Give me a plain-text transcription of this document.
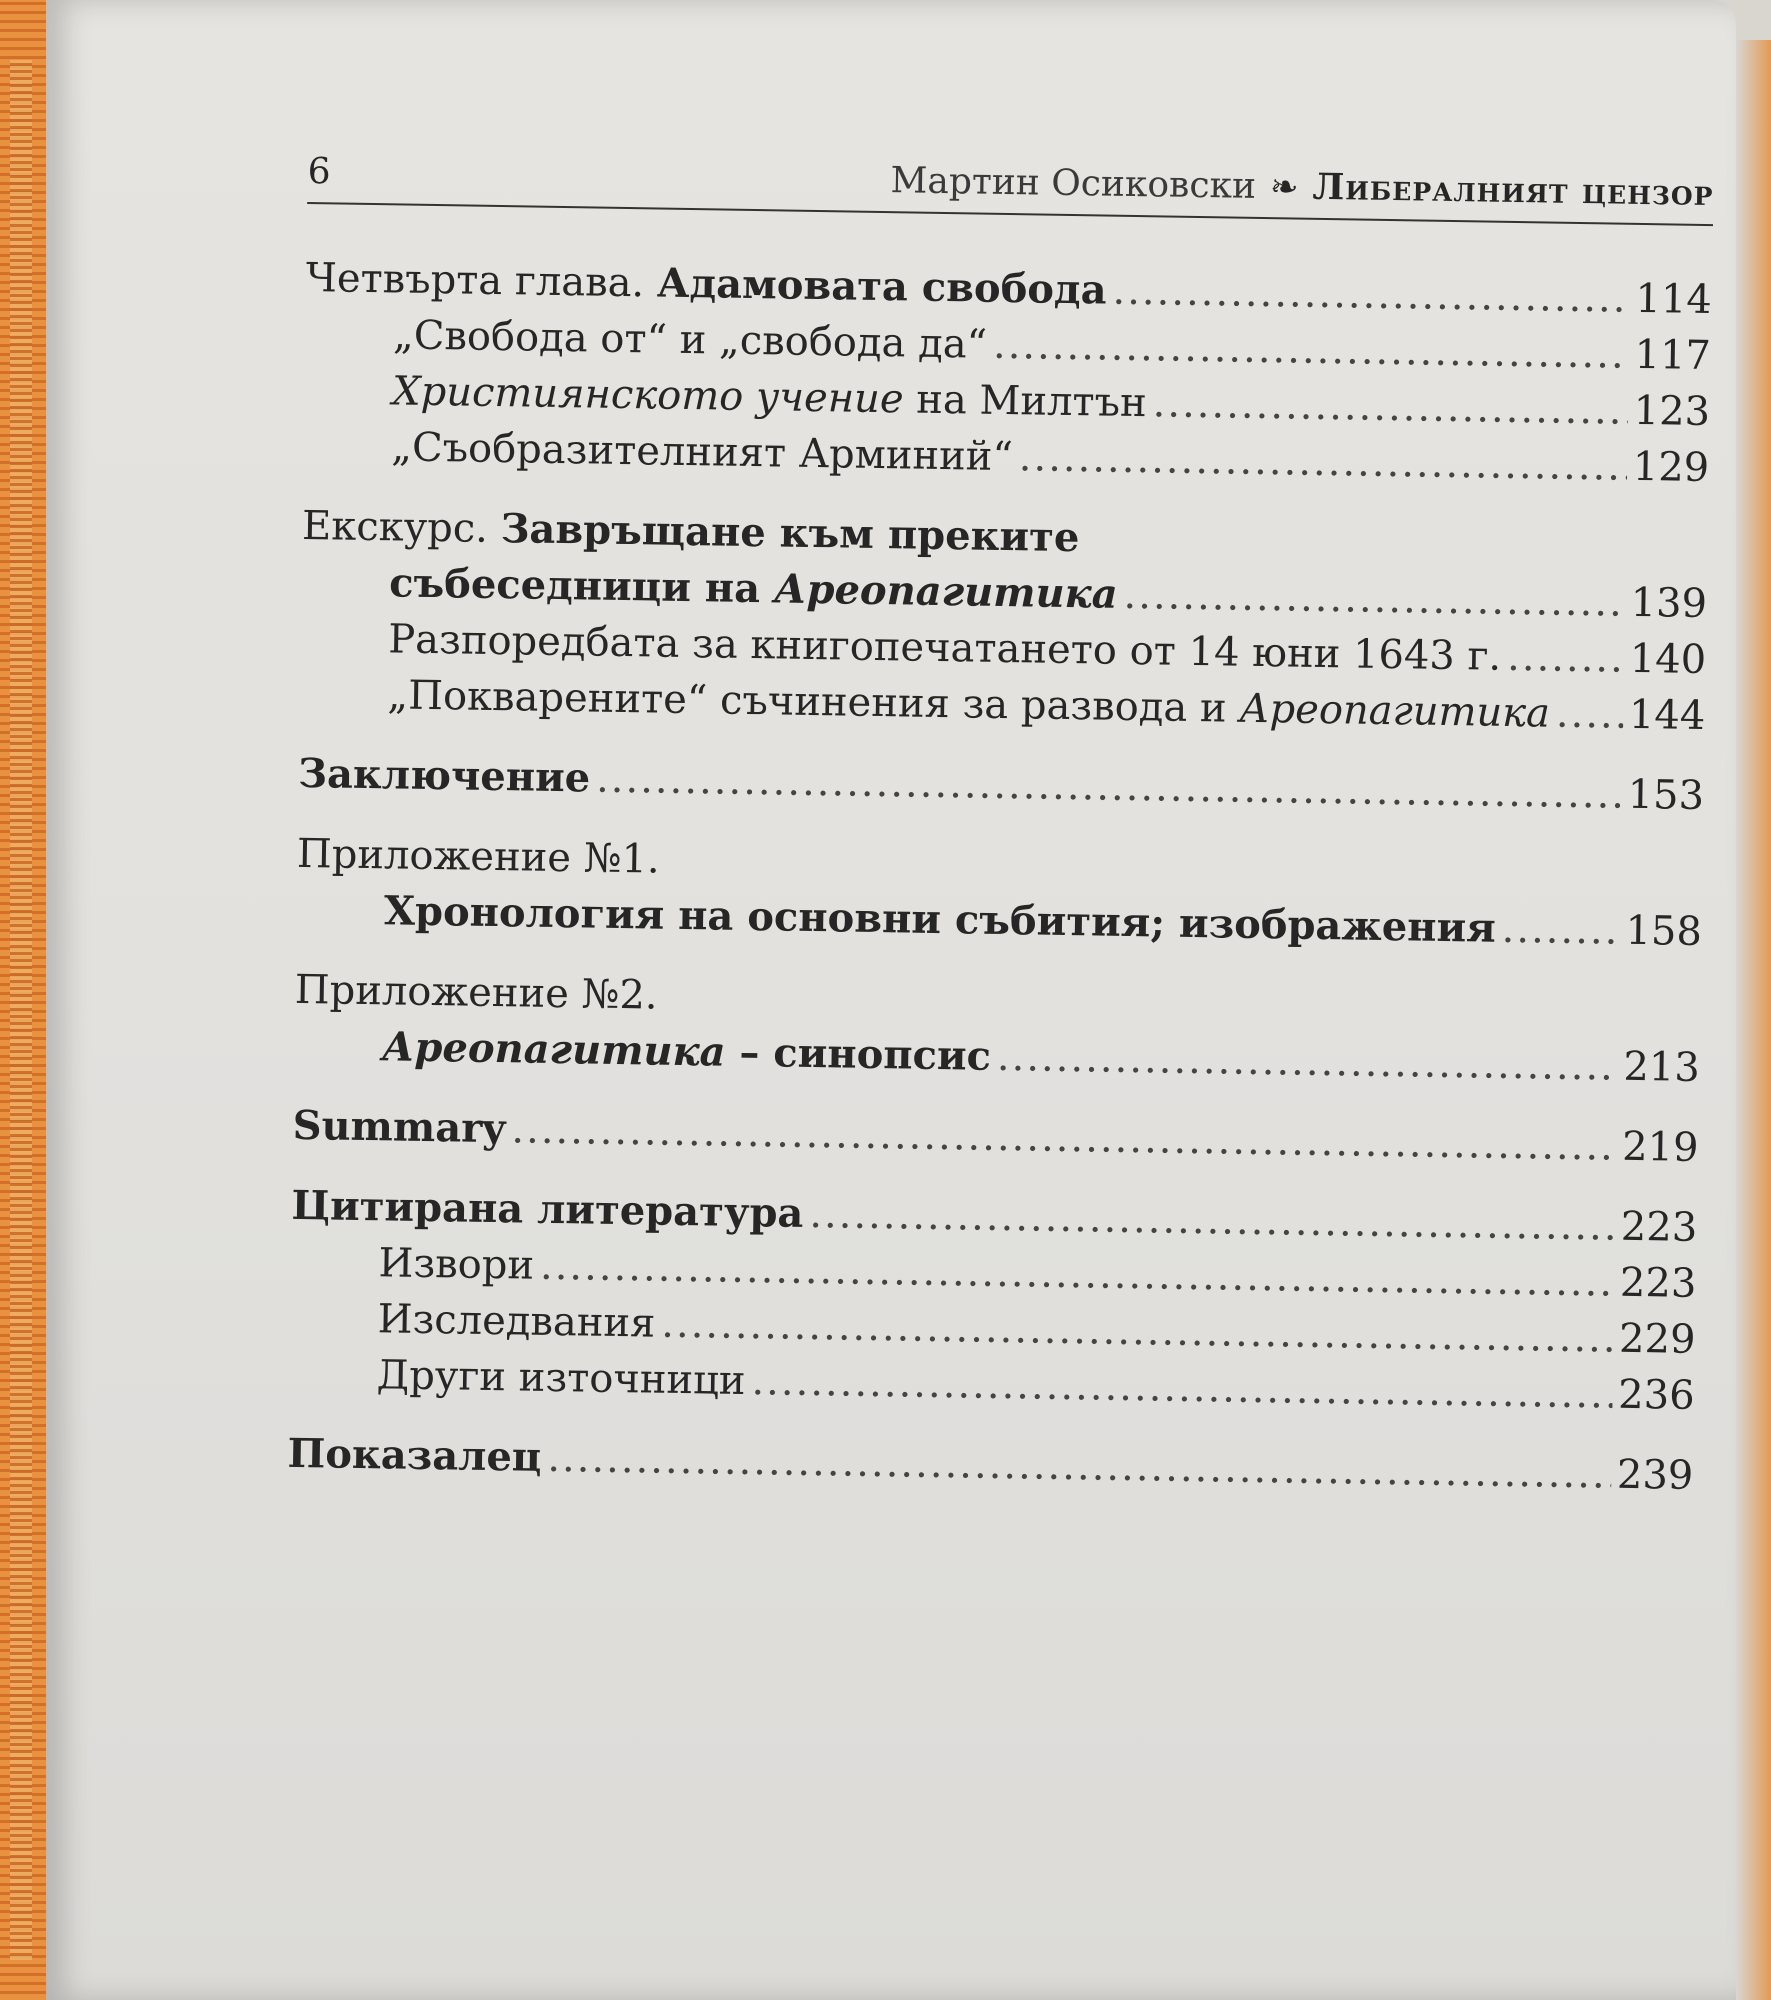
6	Мартин Осиковски ❧ Либералният цензор
Четвърта глава. Адамовата свобода .....	114
„Свобода от“ и „свобода да“ .....	117
Християнското учение на Милтън .....	123
„Съобразителният Арминий“ .....	129
Екскурс. Завръщане към преките
събеседници на Ареопагитика .....	139
Разпоредбата за книгопечатането от 14 юни 1643 г. .....	140
„Покварените“ съчинения за развода и Ареопагитика ..... 144
Заключение .....	153
Приложение №1.
Хронология на основни събития; изображения .....	158
Приложение №2.
Ареопагитика – синопсис .....	213
Summary .....	219
Цитирана литература .....	223
Извори .....	223
Изследвания .....	229
Други източници .....	236
Показалец .....	239
